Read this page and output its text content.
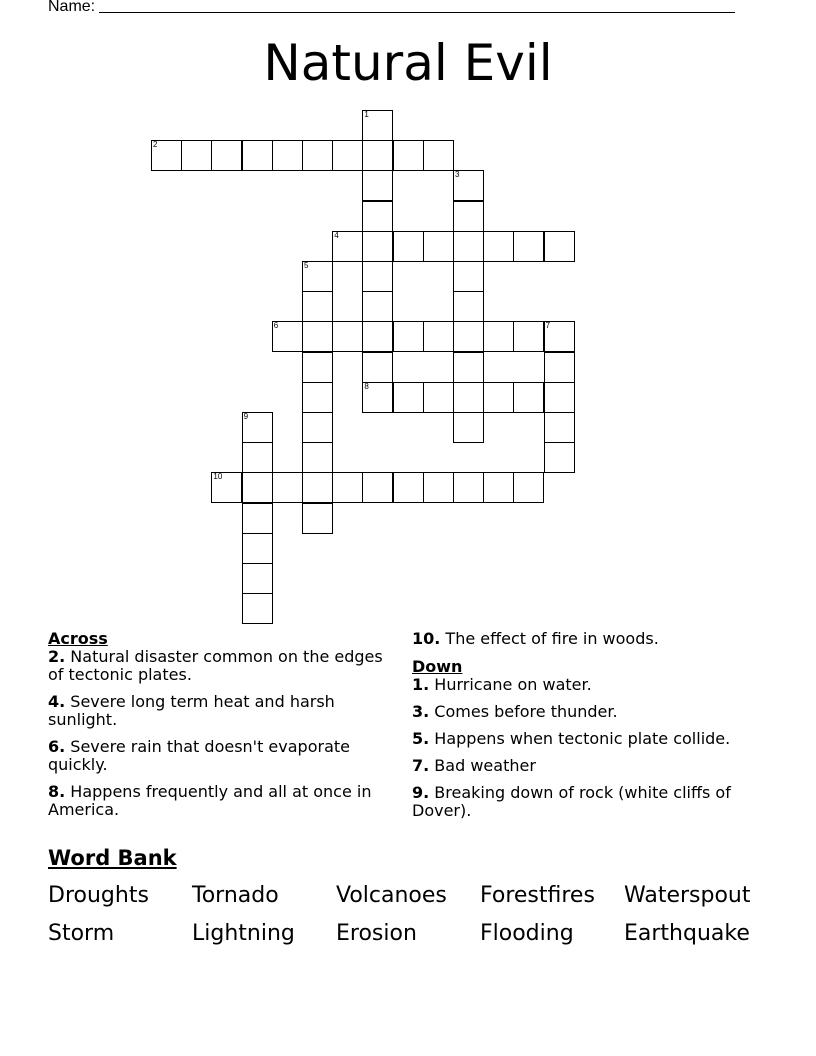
Name:
Natural Evil
1
8
2
3
4
5
6	7
9
10
Across

2. Natural disaster common on the edges of tectonic plates.

4. Severe long term heat and harsh sunlight.

6. Severe rain that doesn't evaporate quickly.

8. Happens frequently and all at once in America.

10. The effect of fire in woods.

Down

1. Hurricane on water.

3. Comes before thunder.

5. Happens when tectonic plate collide.

7. Bad weather

9. Breaking down of rock (white cliffs of Dover).

Word Bank
Droughts Tornado	Volcanoes Forestfires Waterspout
Storm	Lightning Erosion	Flooding Earthquake
